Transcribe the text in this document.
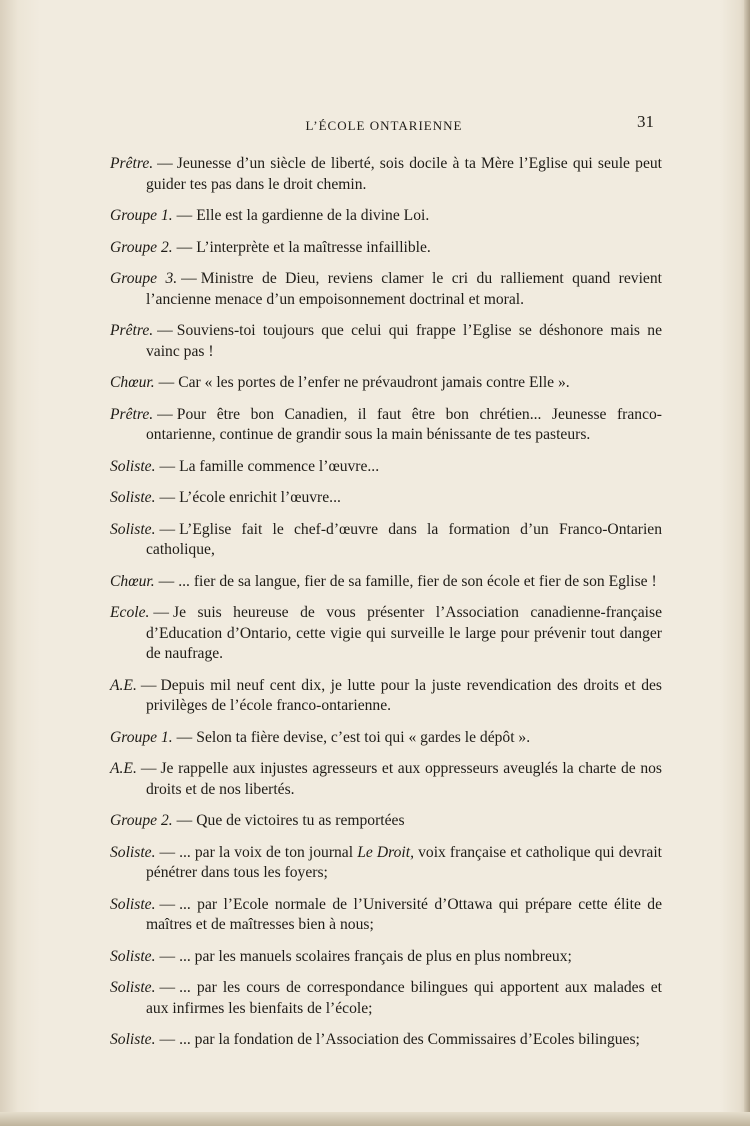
L’ÉCOLE ONTARIENNE	31

Prêtre. — Jeunesse d’un siècle de liberté, sois docile à ta Mère l’Eglise qui seule peut guider tes pas dans le droit chemin.

Groupe 1. — Elle est la gardienne de la divine Loi.

Groupe 2. — L’interprète et la maîtresse infaillible.

Groupe 3. — Ministre de Dieu, reviens clamer le cri du ralliement quand revient l’ancienne menace d’un empoisonnement doctrinal et moral.

Prêtre. — Souviens-toi toujours que celui qui frappe l’Eglise se déshonore mais ne vainc pas !

Chœur. — Car « les portes de l’enfer ne prévaudront jamais contre Elle ».

Prêtre. — Pour être bon Canadien, il faut être bon chrétien... Jeunesse franco-ontarienne, continue de grandir sous la main bénissante de tes pasteurs.

Soliste. — La famille commence l’œuvre...

Soliste. — L’école enrichit l’œuvre...

Soliste. — L’Eglise fait le chef-d’œuvre dans la formation d’un Franco-Ontarien catholique,

Chœur. — ... fier de sa langue, fier de sa famille, fier de son école et fier de son Eglise !

Ecole. — Je suis heureuse de vous présenter l’Association canadienne-française d’Education d’Ontario, cette vigie qui surveille le large pour prévenir tout danger de naufrage.

A.E. — Depuis mil neuf cent dix, je lutte pour la juste revendication des droits et des privilèges de l’école franco-ontarienne.

Groupe 1. — Selon ta fière devise, c’est toi qui « gardes le dépôt ».

A.E. — Je rappelle aux injustes agresseurs et aux oppresseurs aveuglés la charte de nos droits et de nos libertés.

Groupe 2. — Que de victoires tu as remportées

Soliste. — ... par la voix de ton journal Le Droit, voix française et catholique qui devrait pénétrer dans tous les foyers;

Soliste. — ... par l’Ecole normale de l’Université d’Ottawa qui prépare cette élite de maîtres et de maîtresses bien à nous;

Soliste. — ... par les manuels scolaires français de plus en plus nombreux;

Soliste. — ... par les cours de correspondance bilingues qui apportent aux malades et aux infirmes les bienfaits de l’école;

Soliste. — ... par la fondation de l’Association des Commissaires d’Ecoles bilingues;
